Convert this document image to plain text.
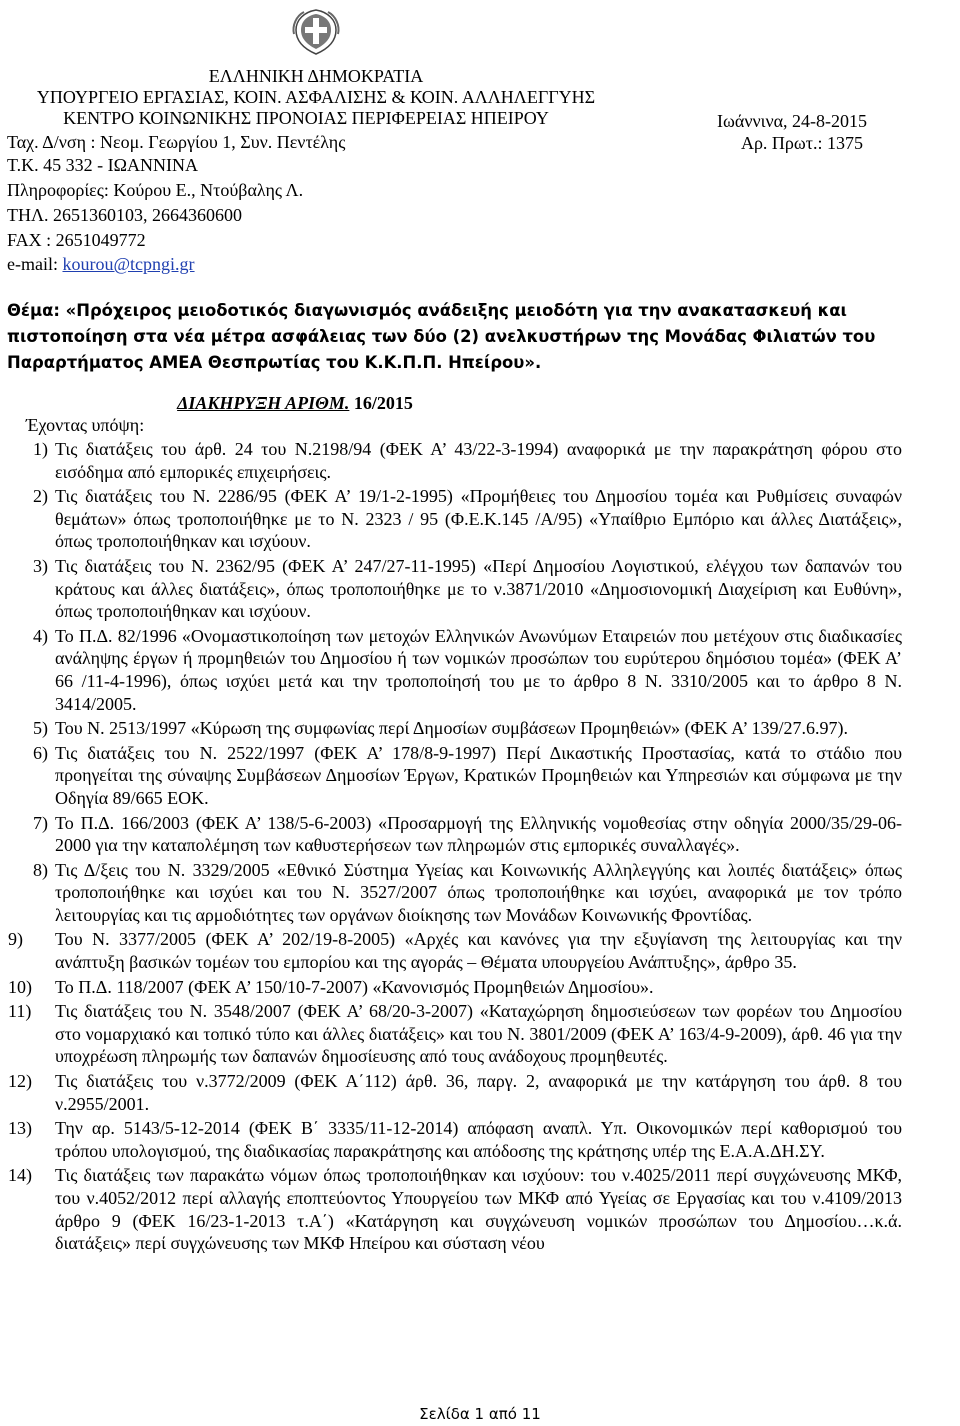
ΕΛΛΗΝΙΚΗ ΔΗΜΟΚΡΑΤΙΑ
ΥΠΟΥΡΓΕΙΟ ΕΡΓΑΣΙΑΣ, ΚΟΙΝ. ΑΣΦΑΛΙΣΗΣ & ΚΟΙΝ. ΑΛΛΗΛΕΓΓΥΗΣ
ΚΕΝΤΡΟ ΚΟΙΝΩΝΙΚΗΣ ΠΡΟΝΟΙΑΣ ΠΕΡΙΦΕΡΕΙΑΣ ΗΠΕΙΡΟΥ	Ιωάννινα, 24-8-2015
Ταχ. Δ/νση : Νεομ. Γεωργίου 1, Συν. Πεντέλης	Αρ. Πρωτ.: 1375
Τ.Κ. 45 332 - ΙΩΑΝΝΙΝΑ
Πληροφορίες: Κούρου Ε., Ντούβαλης Λ.
ΤΗΛ. 2651360103, 2664360600
FAX : 2651049772
e-mail: kourou@tcpngi.gr
Θέμα: «Πρόχειρος μειοδοτικός διαγωνισμός ανάδειξης μειοδότη για την ανακατασκευή και πιστοποίηση στα νέα μέτρα ασφάλειας των δύο (2) ανελκυστήρων της Μονάδας Φιλιατών του Παραρτήματος ΑΜΕΑ Θεσπρωτίας του Κ.Κ.Π.Π. Ηπείρου».
ΔΙΑΚΗΡΥΞΗ ΑΡΙΘΜ. 16/2015
Έχοντας υπόψη:
1) Τις διατάξεις του άρθ. 24 του Ν.2198/94 (ΦΕΚ Α’ 43/22-3-1994) αναφορικά με την παρακράτηση φόρου στο εισόδημα από εμπορικές επιχειρήσεις.
2) Τις διατάξεις του Ν. 2286/95 (ΦΕΚ Α’ 19/1-2-1995) «Προμήθειες του Δημοσίου τομέα και Ρυθμίσεις συναφών θεμάτων» όπως τροποποιήθηκε με το Ν. 2323 / 95 (Φ.Ε.Κ.145 /Α/95) «Υπαίθριο Εμπόριο και άλλες Διατάξεις», όπως τροποποιήθηκαν και ισχύουν.
3) Τις διατάξεις του Ν. 2362/95 (ΦΕΚ Α’ 247/27-11-1995) «Περί Δημοσίου Λογιστικού, ελέγχου των δαπανών του κράτους και άλλες διατάξεις», όπως τροποποιήθηκε με το ν.3871/2010 «Δημοσιονομική Διαχείριση και Ευθύνη», όπως τροποποιήθηκαν και ισχύουν.
4) Το Π.Δ. 82/1996 «Ονομαστικοποίηση των μετοχών Ελληνικών Ανωνύμων Εταιρειών που μετέχουν στις διαδικασίες ανάληψης έργων ή προμηθειών του Δημοσίου ή των νομικών προσώπων του ευρύτερου δημόσιου τομέα» (ΦΕΚ Α’ 66 /11-4-1996), όπως ισχύει μετά και την τροποποίησή του με το άρθρο 8 Ν. 3310/2005 και το άρθρο 8 Ν. 3414/2005.
5) Του Ν. 2513/1997 «Κύρωση της συμφωνίας περί Δημοσίων συμβάσεων Προμηθειών» (ΦΕΚ Α’ 139/27.6.97).
6) Τις διατάξεις του Ν. 2522/1997 (ΦΕΚ Α’ 178/8-9-1997) Περί Δικαστικής Προστασίας, κατά το στάδιο που προηγείται της σύναψης Συμβάσεων Δημοσίων Έργων, Κρατικών Προμηθειών και Υπηρεσιών και σύμφωνα με την Οδηγία 89/665 ΕΟΚ.
7) Το Π.Δ. 166/2003 (ΦΕΚ Α’ 138/5-6-2003) «Προσαρμογή της Ελληνικής νομοθεσίας στην οδηγία 2000/35/29-06-2000 για την καταπολέμηση των καθυστερήσεων των πληρωμών στις εμπορικές συναλλαγές».
8) Τις Δ/ξεις του Ν. 3329/2005 «Εθνικό Σύστημα Υγείας και Κοινωνικής Αλληλεγγύης και λοιπές διατάξεις» όπως τροποποιήθηκε και ισχύει και του Ν. 3527/2007 όπως τροποποιήθηκε και ισχύει, αναφορικά με τον τρόπο λειτουργίας και τις αρμοδιότητες των οργάνων διοίκησης των Μονάδων Κοινωνικής Φροντίδας.
9) Του Ν. 3377/2005 (ΦΕΚ Α’ 202/19-8-2005) «Αρχές και κανόνες για την εξυγίανση της λειτουργίας και την ανάπτυξη βασικών τομέων του εμπορίου και της αγοράς – Θέματα υπουργείου Ανάπτυξης», άρθρο 35.
10) Το Π.Δ. 118/2007 (ΦΕΚ Α’ 150/10-7-2007) «Κανονισμός Προμηθειών Δημοσίου».
11) Τις διατάξεις του Ν. 3548/2007 (ΦΕΚ Α’ 68/20-3-2007) «Καταχώρηση δημοσιεύσεων των φορέων του Δημοσίου στο νομαρχιακό και τοπικό τύπο και άλλες διατάξεις» και του Ν. 3801/2009 (ΦΕΚ Α’ 163/4-9-2009), άρθ. 46 για την υποχρέωση πληρωμής των δαπανών δημοσίευσης από τους ανάδοχους προμηθευτές.
12) Τις διατάξεις του ν.3772/2009 (ΦΕΚ Α΄112) άρθ. 36, παργ. 2, αναφορικά με την κατάργηση του άρθ. 8 του ν.2955/2001.
13) Την αρ. 5143/5-12-2014 (ΦΕΚ Β΄ 3335/11-12-2014) απόφαση αναπλ. Υπ. Οικονομικών περί καθορισμού του τρόπου υπολογισμού, της διαδικασίας παρακράτησης και απόδοσης της κράτησης υπέρ της Ε.Α.Α.ΔΗ.ΣΥ.
14) Τις διατάξεις των παρακάτω νόμων όπως τροποποιήθηκαν και ισχύουν: του ν.4025/2011 περί συγχώνευσης ΜΚΦ, του ν.4052/2012 περί αλλαγής εποπτεύοντος Υπουργείου των ΜΚΦ από Υγείας σε Εργασίας και του ν.4109/2013 άρθρο 9 (ΦΕΚ 16/23-1-2013 τ.Α΄) «Κατάργηση και συγχώνευση νομικών προσώπων του Δημοσίου…κ.ά. διατάξεις» περί συγχώνευσης των ΜΚΦ Ηπείρου και σύσταση νέου
Σελίδα 1 από 11
